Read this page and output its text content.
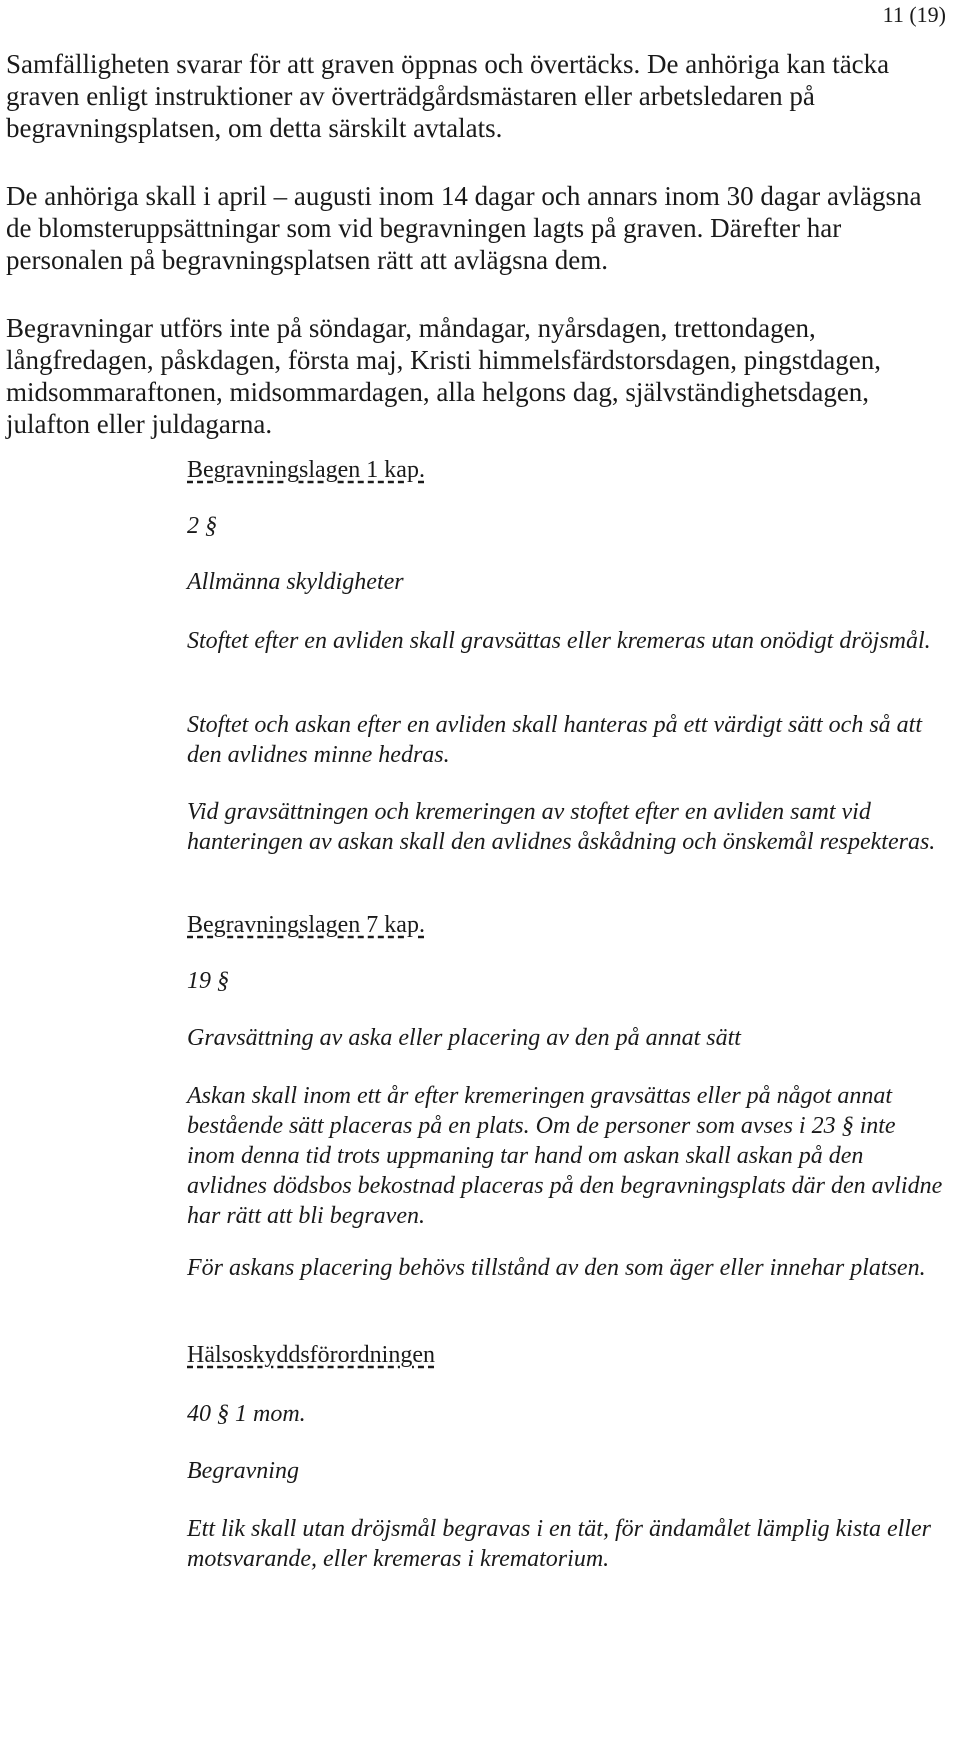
11 (19)

Samfälligheten svarar för att graven öppnas och övertäcks. De anhöriga kan täcka graven enligt instruktioner av överträdgårdsmästaren eller arbetsledaren på begravningsplatsen, om detta särskilt avtalats.

De anhöriga skall i april – augusti inom 14 dagar och annars inom 30 dagar avlägsna de blomsteruppsättningar som vid begravningen lagts på graven. Därefter har personalen på begravningsplatsen rätt att avlägsna dem.

Begravningar utförs inte på söndagar, måndagar, nyårsdagen, trettondagen, långfredagen, påskdagen, första maj, Kristi himmelsfärdstorsdagen, pingstdagen, midsommaraftonen, midsommardagen, alla helgons dag, självständighetsdagen, julafton eller juldagarna.

Begravningslagen 1 kap.
2 §
Allmänna skyldigheter
Stoftet efter en avliden skall gravsättas eller kremeras utan onödigt dröjsmål.
Stoftet och askan efter en avliden skall hanteras på ett värdigt sätt och så att den avlidnes minne hedras.
Vid gravsättningen och kremeringen av stoftet efter en avliden samt vid hanteringen av askan skall den avlidnes åskådning och önskemål respekteras.
Begravningslagen 7 kap.
19 §
Gravsättning av aska eller placering av den på annat sätt
Askan skall inom ett år efter kremeringen gravsättas eller på något annat bestående sätt placeras på en plats. Om de personer som avses i 23 § inte inom denna tid trots uppmaning tar hand om askan skall askan på den avlidnes dödsbos bekostnad placeras på den begravningsplats där den avlidne har rätt att bli begraven.
För askans placering behövs tillstånd av den som äger eller innehar platsen.
Hälsoskyddsförordningen
40 § 1 mom.
Begravning
Ett lik skall utan dröjsmål begravas i en tät, för ändamålet lämplig kista eller motsvarande, eller kremeras i krematorium.
